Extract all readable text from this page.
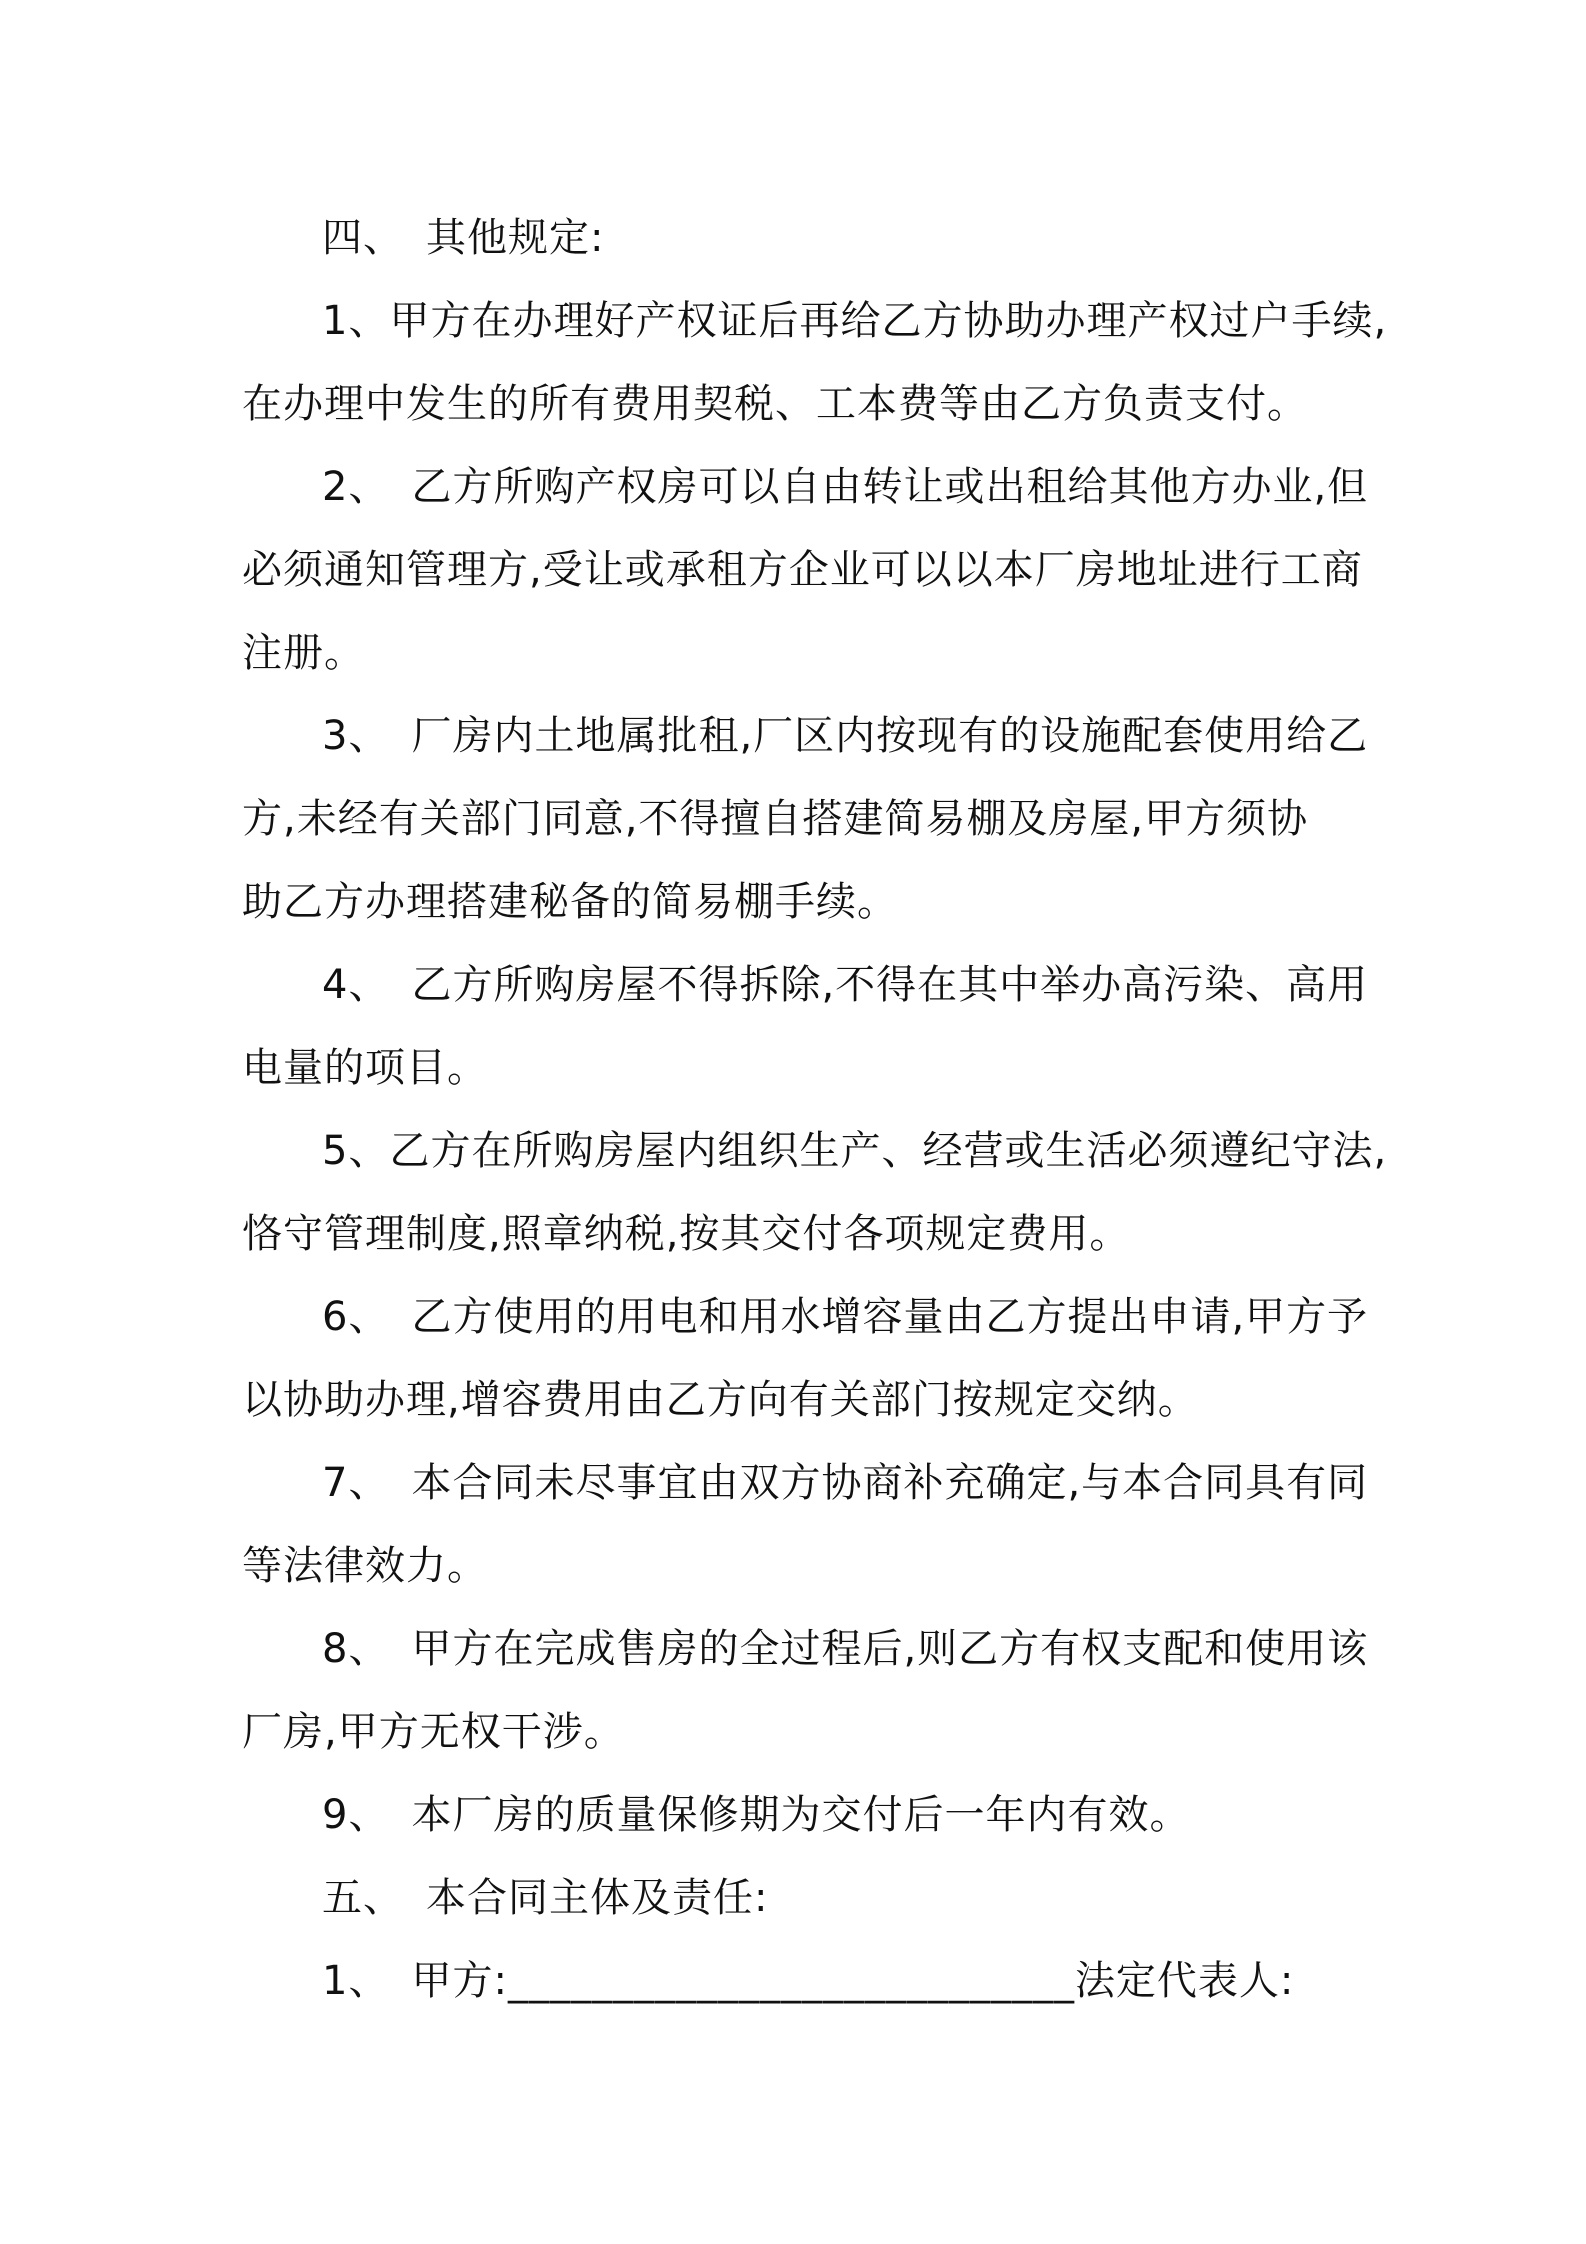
四、 其他规定:
1、甲方在办理好产权证后再给乙方协助办理产权过户手续,
在办理中发生的所有费用契税、工本费等由乙方负责支付。
2、 乙方所购产权房可以自由转让或出租给其他方办业,但
必须通知管理方,受让或承租方企业可以以本厂房地址进行工商
注册。
3、 厂房内土地属批租,厂区内按现有的设施配套使用给乙
方,未经有关部门同意,不得擅自搭建简易棚及房屋,甲方须协
助乙方办理搭建秘备的简易棚手续。
4、 乙方所购房屋不得拆除,不得在其中举办高污染、高用
电量的项目。
5、乙方在所购房屋内组织生产、经营或生活必须遵纪守法,
恪守管理制度,照章纳税,按其交付各项规定费用。
6、 乙方使用的用电和用水增容量由乙方提出申请,甲方予
以协助办理,增容费用由乙方向有关部门按规定交纳。
7、 本合同未尽事宜由双方协商补充确定,与本合同具有同
等法律效力。
8、 甲方在完成售房的全过程后,则乙方有权支配和使用该
厂房,甲方无权干涉。
9、 本厂房的质量保修期为交付后一年内有效。
五、 本合同主体及责任:
1、 甲方:___________________________法定代表人:
